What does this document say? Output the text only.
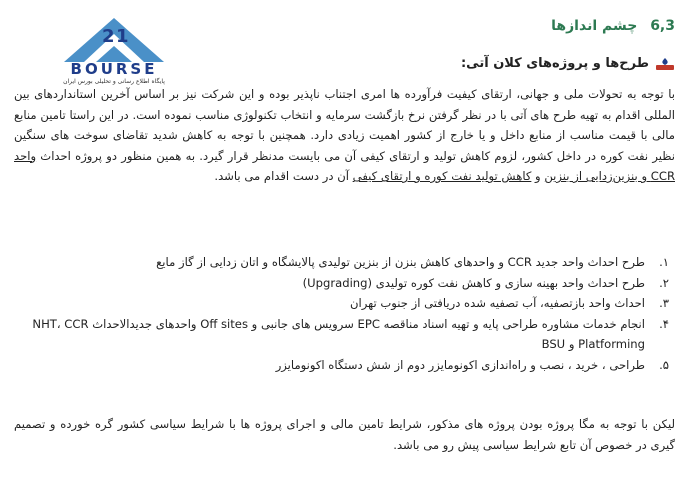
2 1
BOURSE
پایگاه اطلاع رسانی و تحلیلی بورس ایران
6,3 چشم اندازها
طرح‌ها و پروژه‌های کلان آتی:

با توجه به تحولات ملی و جهانی، ارتقای کیفیت فرآورده ها امری اجتناب ناپذیر بوده و این شرکت نیز بر اساس آخرین استانداردهای بین المللی اقدام به تهیه طرح های آتی با در نظر گرفتن نرخ بازگشت سرمایه و انتخاب تکنولوژی مناسب نموده است. در این راستا تامین منابع مالی با قیمت مناسب از منابع داخل و یا خارج از کشور اهمیت زیادی دارد. همچنین با توجه به کاهش شدید تقاضای سوخت های سنگین نظیر نفت کوره در داخل کشور، لزوم کاهش تولید و ارتقای کیفی آن می بایست مدنظر قرار گیرد. به همین منظور دو پروژه احداث واحد CCR و بنزین‌زدایی از بنزین و کاهش تولید نفت کوره و ارتقای کیفی آن در دست اقدام می باشد.

۱.
طرح احداث واحد جدید CCR و واحدهای کاهش بنزن از بنزین تولیدی پالایشگاه و اتان زدایی از گاز مایع
۲.
طرح احداث واحد بهینه سازی و کاهش نفت کوره تولیدی (Upgrading)
۳.
احداث واحد بازتصفیه، آب تصفیه شده دریافتی از جنوب تهران
۴.
انجام خدمات مشاوره طراحی پایه و تهیه اسناد مناقصه EPC سرویس های جانبی و Off sites واحدهای جدیدالاحداث NHT، CCR Platforming و BSU
۵.
طراحی ، خرید ، نصب و راه‌اندازی اکونومایزر دوم از شش دستگاه اکونومایزر
لیکن با توجه به مگا پروژه بودن پروژه های مذکور، شرایط تامین مالی و اجرای پروژه ها با شرایط سیاسی کشور گره خورده و تصمیم گیری در خصوص آن تابع شرایط سیاسی پیش رو می باشد.
